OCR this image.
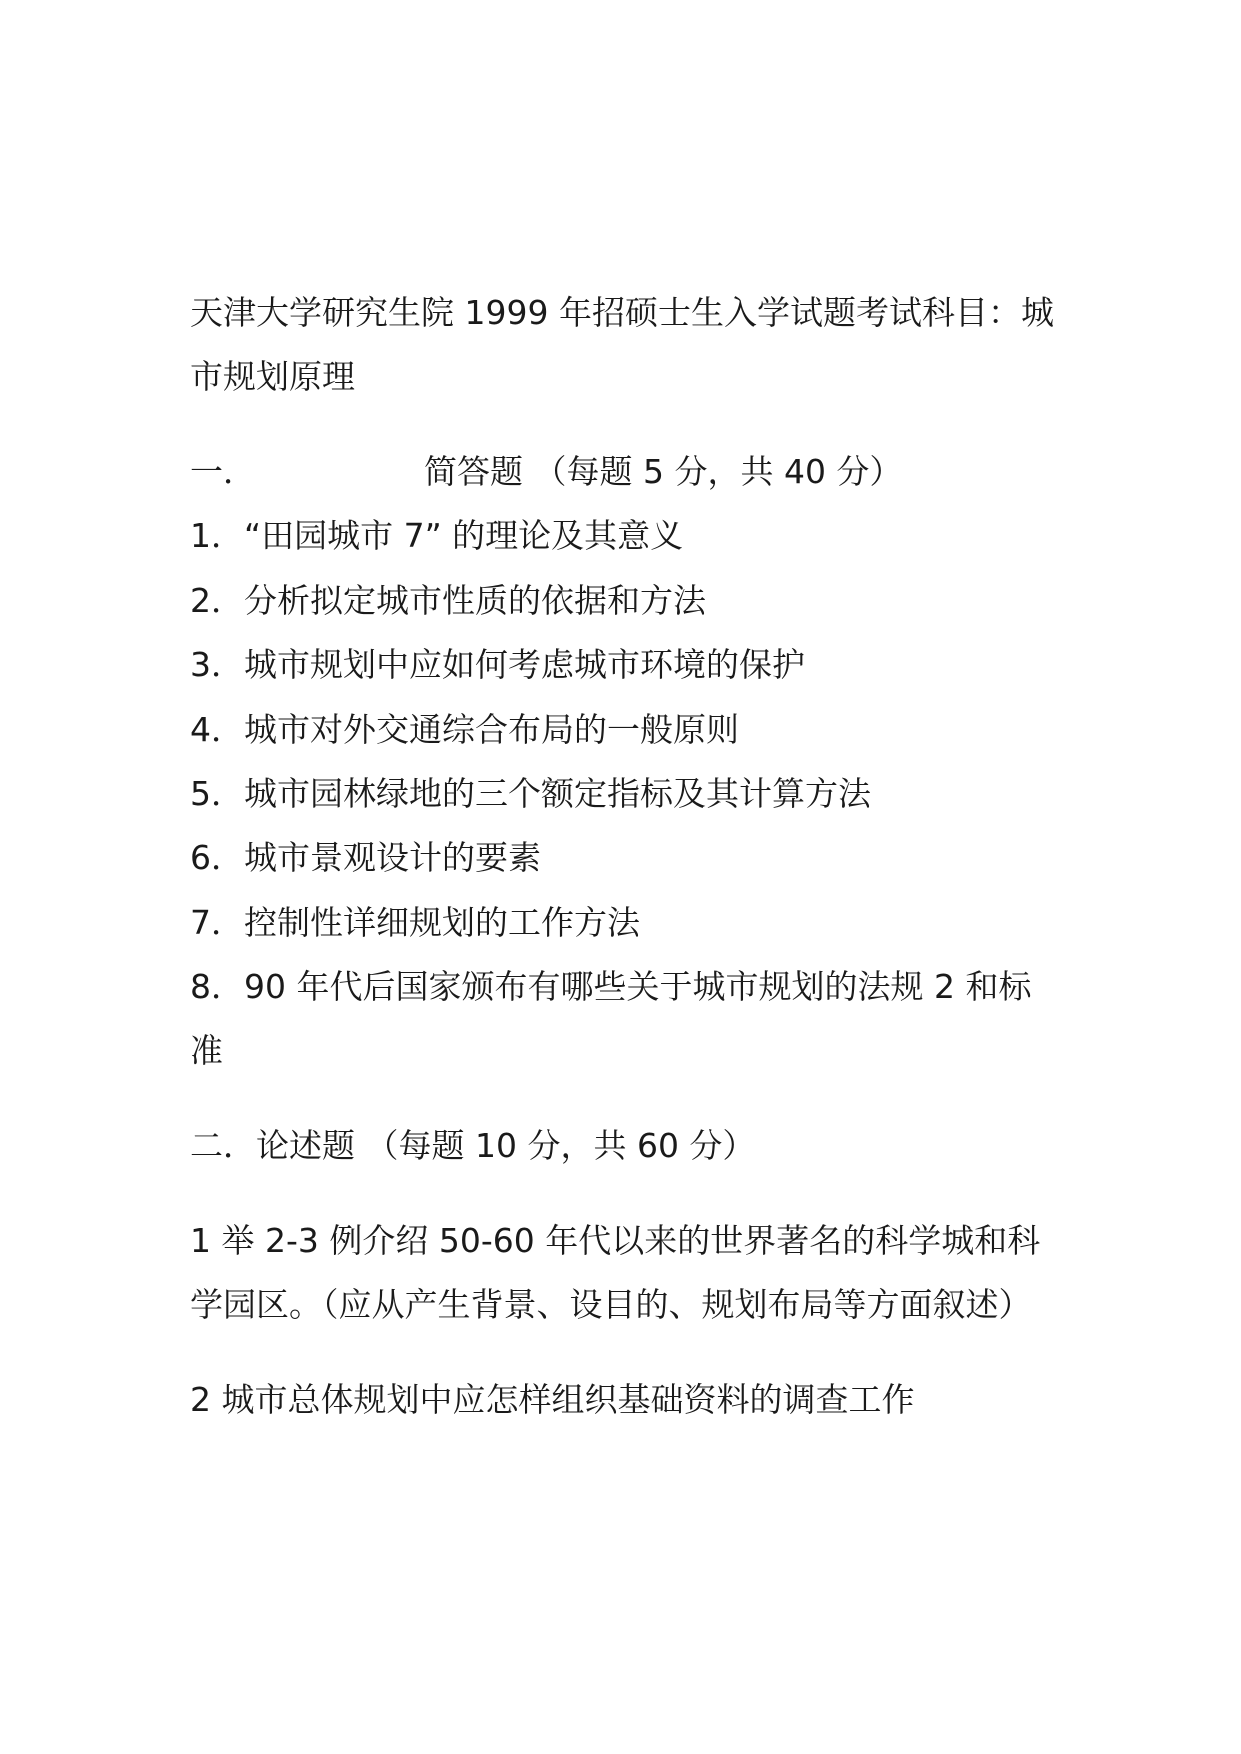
天津大学研究生院 1999 年招硕士生入学试题考试科目：城

市规划原理

一．	简答题 （每题 5 分，共 40 分）

1．“田园城市 7” 的理论及其意义

2．分析拟定城市性质的依据和方法

3．城市规划中应如何考虑城市环境的保护

4．城市对外交通综合布局的一般原则

5．城市园林绿地的三个额定指标及其计算方法

6．城市景观设计的要素

7．控制性详细规划的工作方法

8．90 年代后国家颁布有哪些关于城市规划的法规 2 和标

准

二．论述题 （每题 10 分，共 60 分）

1 举 2-3 例介绍 50-60 年代以来的世界著名的科学城和科

学园区。（应从产生背景、设目的、规划布局等方面叙述）

2 城市总体规划中应怎样组织基础资料的调查工作
